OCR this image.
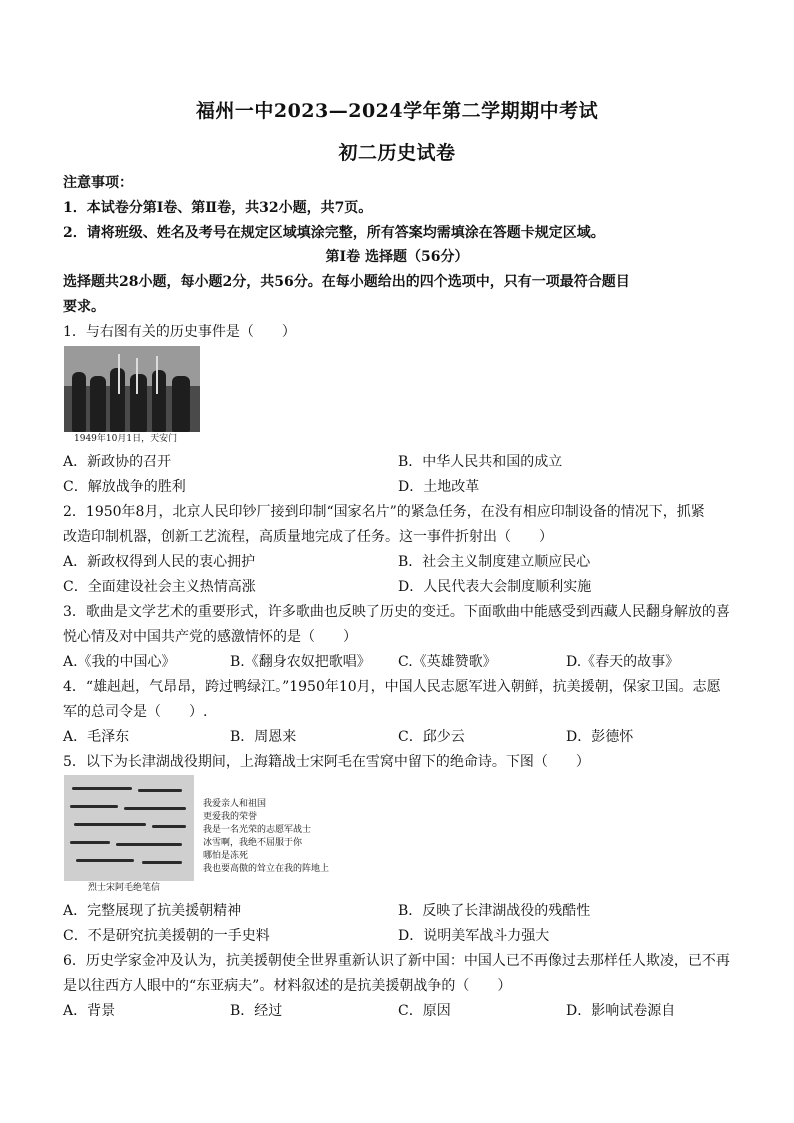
福州一中2023—2024学年第二学期期中考试
初二历史试卷
注意事项：
1．本试卷分第Ⅰ卷、第Ⅱ卷，共32小题，共7页。
2．请将班级、姓名及考号在规定区域填涂完整，所有答案均需填涂在答题卡规定区域。
第Ⅰ卷 选择题（56分）
选择题共28小题，每小题2分，共56分。在每小题给出的四个选项中，只有一项最符合题目
要求。
1．与右图有关的历史事件是（　　）
1949年10月1日，天安门
A．新政协的召开	B．中华人民共和国的成立
C．解放战争的胜利	D．土地改革
2．1950年8月，北京人民印钞厂接到印制“国家名片”的紧急任务，在没有相应印制设备的情况下，抓紧
改造印制机器，创新工艺流程，高质量地完成了任务。这一事件折射出（　　）
A．新政权得到人民的衷心拥护	B．社会主义制度建立顺应民心
C．全面建设社会主义热情高涨	D．人民代表大会制度顺利实施
3．歌曲是文学艺术的重要形式，许多歌曲也反映了历史的变迁。下面歌曲中能感受到西藏人民翻身解放的喜
悦心情及对中国共产党的感激情怀的是（　　）
A.《我的中国心》	B.《翻身农奴把歌唱》 C.《英雄赞歌》	D.《春天的故事》
4．“雄赳赳，气昂昂，跨过鸭绿江。”1950年10月，中国人民志愿军进入朝鲜，抗美援朝，保家卫国。志愿
军的总司令是（　　）.
A．毛泽东	B．周恩来	C．邱少云	D．彭德怀
5．以下为长津湖战役期间，上海籍战士宋阿毛在雪窝中留下的绝命诗。下图（　　）
烈士宋阿毛绝笔信
我爱亲人和祖国
更爱我的荣誉
我是一名光荣的志愿军战士
冰雪啊，我绝不屈服于你
哪怕是冻死
我也要高傲的耸立在我的阵地上
A．完整展现了抗美援朝精神	B．反映了长津湖战役的残酷性
C．不是研究抗美援朝的一手史料	D．说明美军战斗力强大
6．历史学家金冲及认为，抗美援朝使全世界重新认识了新中国：中国人已不再像过去那样任人欺凌，已不再
是以往西方人眼中的“东亚病夫”。材料叙述的是抗美援朝战争的（　　）
A．背景	B．经过	C．原因	D．影响试卷源自
